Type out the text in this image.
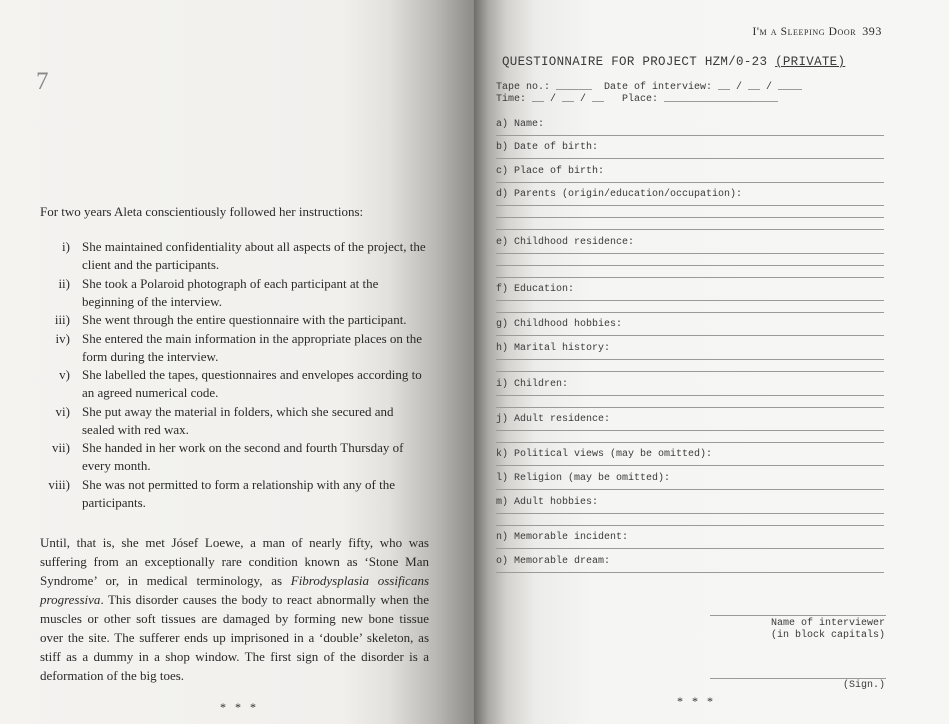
7
For two years Aleta conscientiously followed her instructions:
i) She maintained confidentiality about all aspects of the project, the client and the participants.
ii) She took a Polaroid photograph of each participant at the beginning of the interview.
iii) She went through the entire questionnaire with the participant.
iv) She entered the main information in the appropriate places on the form during the interview.
v) She labelled the tapes, questionnaires and envelopes according to an agreed numerical code.
vi) She put away the material in folders, which she secured and sealed with red wax.
vii) She handed in her work on the second and fourth Thursday of every month.
viii) She was not permitted to form a relationship with any of the participants.
Until, that is, she met Jósef Loewe, a man of nearly fifty, who was suffering from an exceptionally rare condition known as ‘Stone Man Syndrome’ or, in medical terminology, as Fibrodysplasia ossificans progressiva. This disorder causes the body to react abnormally when the muscles or other soft tissues are damaged by forming new bone tissue over the site. The sufferer ends up imprisoned in a ‘double’ skeleton, as stiff as a dummy in a shop window. The first sign of the disorder is a deformation of the big toes.
* * *
I'm a Sleeping Door 393
QUESTIONNAIRE FOR PROJECT HZM/0-23 (PRIVATE)
Tape no.: ______  Date of interview: __ / __ / ____
Time: __ / __ / __   Place: ___________________
a) Name:
b) Date of birth:
c) Place of birth:
d) Parents (origin/education/occupation):
e) Childhood residence:
f) Education:
g) Childhood hobbies:
h) Marital history:
i) Children:
j) Adult residence:
k) Political views (may be omitted):
l) Religion (may be omitted):
m) Adult hobbies:
n) Memorable incident:
o) Memorable dream:
Name of interviewer
(in block capitals)
(Sign.)
* * *
